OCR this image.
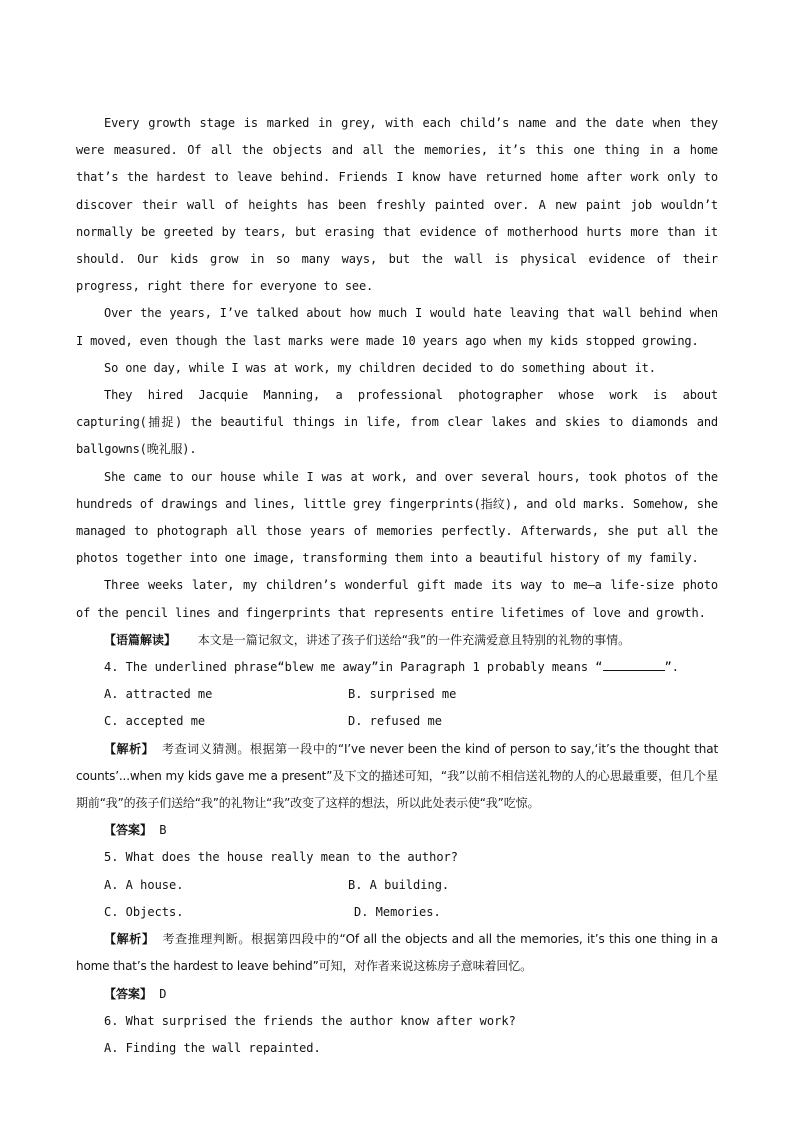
Every growth stage is marked in grey, with each child’s name and the date when they were measured. Of all the objects and all the memories, it’s this one thing in a home that’s the hardest to leave behind. Friends I know have returned home after work only to discover their wall of heights has been freshly painted over. A new paint job wouldn’t normally be greeted by tears, but erasing that evidence of motherhood hurts more than it should. Our kids grow in so many ways, but the wall is physical evidence of their progress, right there for everyone to see.

Over the years, I’ve talked about how much I would hate leaving that wall behind when I moved, even though the last marks were made 10 years ago when my kids stopped growing.

So one day, while I was at work, my children decided to do something about it.

They hired Jacquie Manning, a professional photographer whose work is about capturing(捕捉) the beautiful things in life, from clear lakes and skies to diamonds and ballgowns(晚礼服).

She came to our house while I was at work, and over several hours, took photos of the hundreds of drawings and lines, little grey fingerprints(指纹), and old marks. Somehow, she managed to photograph all those years of memories perfectly. Afterwards, she put all the photos together into one image, transforming them into a beautiful history of my family.

Three weeks later, my children’s wonderful gift made its way to me—a life-size photo of the pencil lines and fingerprints that represents entire lifetimes of love and growth.

【语篇解读】 本文是一篇记叙文，讲述了孩子们送给“我”的一件充满爱意且特别的礼物的事情。

4. The underlined phrase“blew me away”in Paragraph 1 probably means “	”.

A. attracted me	B. surprised me
C. accepted me	D. refused me

【解析】 考查词义猜测。根据第一段中的“I’ve never been the kind of person to say,‘it’s the thought that counts’...when my kids gave me a present”及下文的描述可知，“我”以前不相信送礼物的人的心思最重要，但几个星期前“我”的孩子们送给“我”的礼物让“我”改变了这样的想法，所以此处表示使“我”吃惊。

【答案】 B

5. What does the house really mean to the author?

A. A house.	B. A building.
C. Objects.	D. Memories.

【解析】 考查推理判断。根据第四段中的“Of all the objects and all the memories, it’s this one thing in a home that’s the hardest to leave behind”可知，对作者来说这栋房子意味着回忆。

【答案】 D

6. What surprised the friends the author know after work?

A. Finding the wall repainted.
